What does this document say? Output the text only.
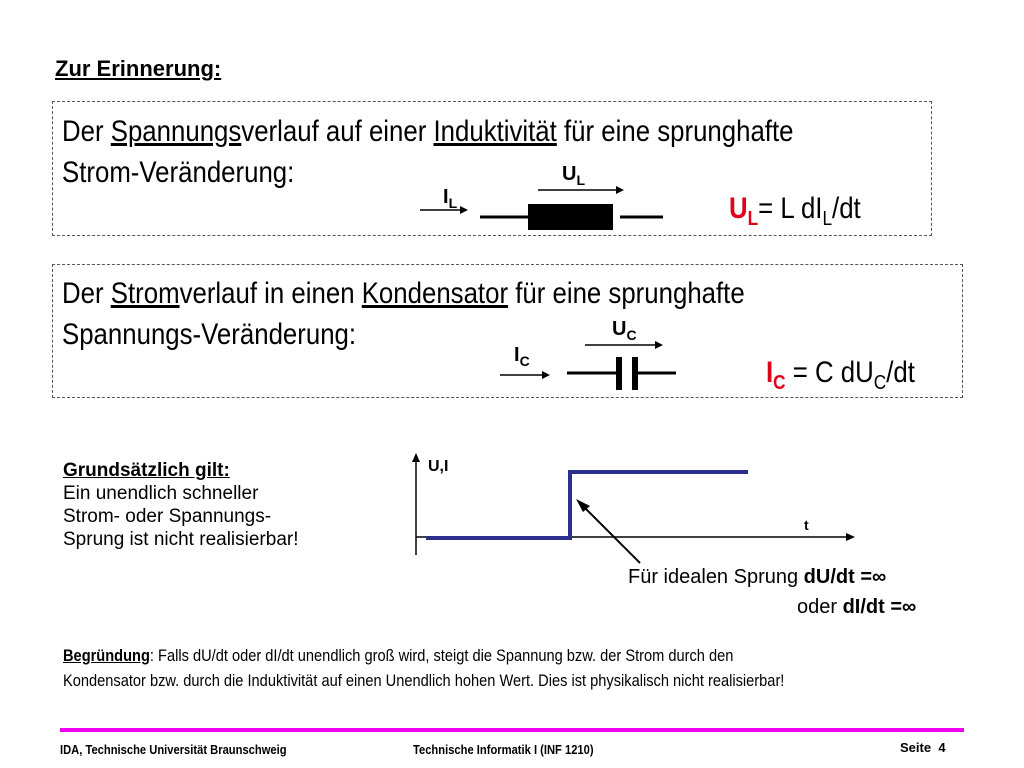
Zur Erinnerung:
Der Spannungsverlauf auf einer Induktivität für eine sprunghafte
Strom-Veränderung:	$U_L$
$I_L$	$U_L= L$ $dI_L/dt$
Der Stromverlauf in einen Kondensator für eine sprunghafte
Spannungs-Veränderung:	$U_C$
$I_C$	$I_C = C$ $dU_C/dt$
Grundsätzlich gilt:
Ein unendlich schneller
Strom- oder Spannungs-
Sprung ist nicht realisierbar!
U,I
t
Für idealen Sprung dU/dt =∞
oder dI/dt =∞
Begründung: Falls dU/dt oder dI/dt unendlich groß wird, steigt die Spannung bzw. der Strom durch den
Kondensator bzw. durch die Induktivität auf einen Unendlich hohen Wert. Dies ist physikalisch nicht realisierbar!
IDA, Technische Universität Braunschweig	Technische Informatik I (INF 1210)	Seite 4
